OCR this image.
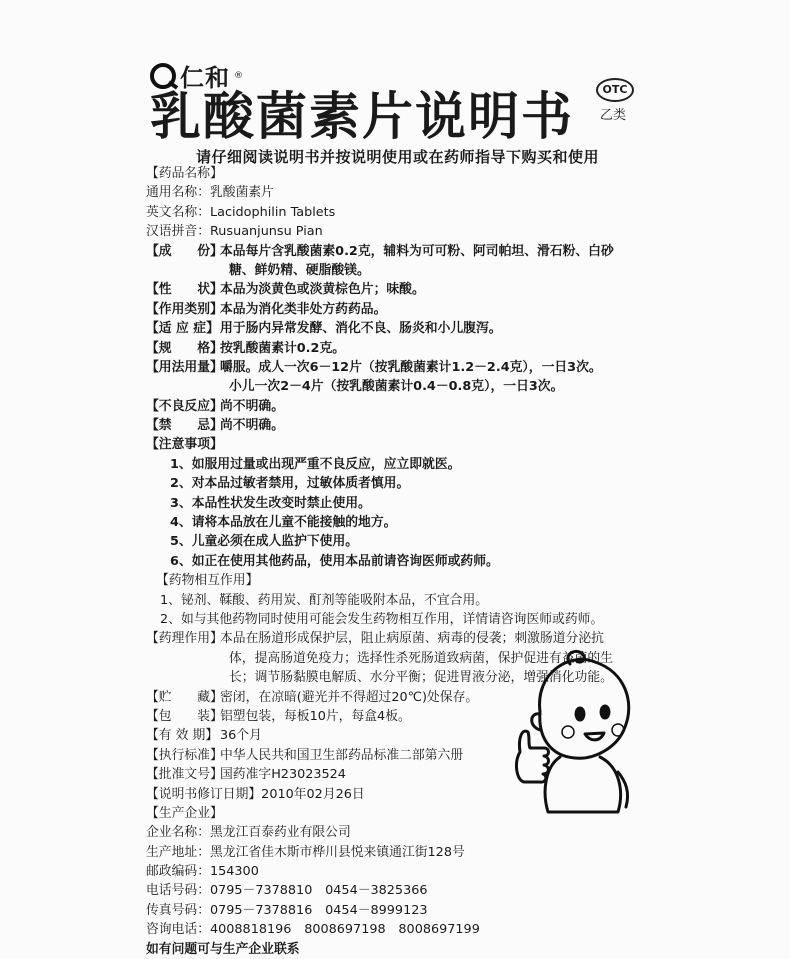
仁和 ®
乳酸菌素片说明书	OTC
乙类
请仔细阅读说明书并按说明使用或在药师指导下购买和使用
【药品名称】
通用名称：乳酸菌素片
英文名称：Lacidophilin Tablets
汉语拼音：Rusuanjunsu Pian
【成　　份】本品每片含乳酸菌素0.2克，辅料为可可粉、阿司帕坦、滑石粉、白砂
糖、鲜奶精、硬脂酸镁。
【性　　状】本品为淡黄色或淡黄棕色片；味酸。
【作用类别】本品为消化类非处方药药品。
【适 应 症】用于肠内异常发酵、消化不良、肠炎和小儿腹泻。
【规　　格】按乳酸菌素计0.2克。
【用法用量】嚼服。成人一次6－12片（按乳酸菌素计1.2－2.4克），一日3次。
小儿一次2－4片（按乳酸菌素计0.4－0.8克），一日3次。
【不良反应】尚不明确。
【禁　　忌】尚不明确。
【注意事项】
1、如服用过量或出现严重不良反应，应立即就医。
2、对本品过敏者禁用，过敏体质者慎用。
3、本品性状发生改变时禁止使用。
4、请将本品放在儿童不能接触的地方。
5、儿童必须在成人监护下使用。
6、如正在使用其他药品，使用本品前请咨询医师或药师。
【药物相互作用】
1、铋剂、鞣酸、药用炭、酊剂等能吸附本品，不宜合用。
2、如与其他药物同时使用可能会发生药物相互作用，详情请咨询医师或药师。
【药理作用】本品在肠道形成保护层，阻止病原菌、病毒的侵袭；刺激肠道分泌抗
体，提高肠道免疫力；选择性杀死肠道致病菌，保护促进有益菌的生
长；调节肠黏膜电解质、水分平衡；促进胃液分泌，增强消化功能。
【贮　　藏】密闭，在凉暗(避光并不得超过20℃)处保存。
【包　　装】铝塑包装，每板10片，每盒4板。
【有 效 期】 36个月
【执行标准】中华人民共和国卫生部药品标准二部第六册
【批准文号】国药准字H23023524
【说明书修订日期】2010年02月26日
【生产企业】
企业名称：黑龙江百泰药业有限公司
生产地址：黑龙江省佳木斯市桦川县悦来镇通江街128号
邮政编码：154300
电话号码：0795－7378810　0454－3825366
传真号码：0795－7378816　0454－8999123
咨询电话：4008818196　8008697198　8008697199
如有问题可与生产企业联系
